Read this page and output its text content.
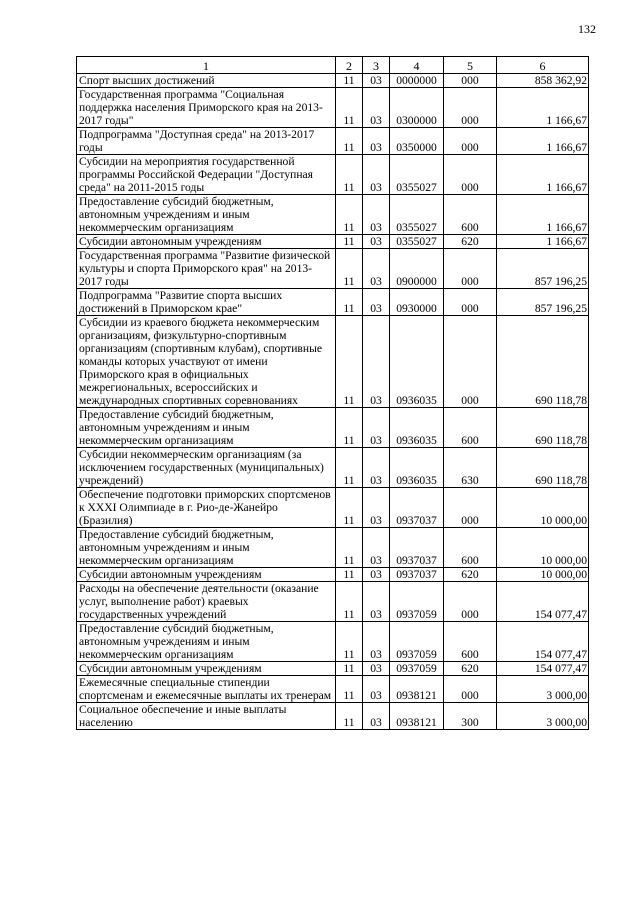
132
1	2	3	4	5	6
Спорт высших достижений	11	03	0000000	000	858 362,92
Государственная программа "Социальная поддержка населения Приморского края на 2013-2017 годы"	11	03	0300000	000	1 166,67
Подпрограмма "Доступная среда" на 2013-2017 годы	11	03	0350000	000	1 166,67
Субсидии на мероприятия государственной программы Российской Федерации "Доступная среда" на 2011-2015 годы	11	03	0355027	000	1 166,67
Предоставление субсидий бюджетным, автономным учреждениям и иным некоммерческим организациям	11	03	0355027	600	1 166,67
Субсидии автономным учреждениям	11	03	0355027	620	1 166,67
Государственная программа "Развитие физической культуры и спорта Приморского края" на 2013-2017 годы	11	03	0900000	000	857 196,25
Подпрограмма "Развитие спорта высших достижений в Приморском крае"	11	03	0930000	000	857 196,25
Субсидии из краевого бюджета некоммерческим организациям, физкультурно-спортивным организациям (спортивным клубам), спортивные команды которых участвуют от имени Приморского края в официальных межрегиональных, всероссийских и международных спортивных соревнованиях	11	03	0936035	000	690 118,78
Предоставление субсидий бюджетным, автономным учреждениям и иным некоммерческим организациям	11	03	0936035	600	690 118,78
Субсидии некоммерческим организациям (за исключением государственных (муниципальных) учреждений)	11	03	0936035	630	690 118,78
Обеспечение подготовки приморских спортсменов к XXXI Олимпиаде в г. Рио-де-Жанейро (Бразилия)	11	03	0937037	000	10 000,00
Предоставление субсидий бюджетным, автономным учреждениям и иным некоммерческим организациям	11	03	0937037	600	10 000,00
Субсидии автономным учреждениям	11	03	0937037	620	10 000,00
Расходы на обеспечение деятельности (оказание услуг, выполнение работ) краевых государственных учреждений	11	03	0937059	000	154 077,47
Предоставление субсидий бюджетным, автономным учреждениям и иным некоммерческим организациям	11	03	0937059	600	154 077,47
Субсидии автономным учреждениям	11	03	0937059	620	154 077,47
Ежемесячные специальные стипендии спортсменам и ежемесячные выплаты их тренерам	11	03	0938121	000	3 000,00
Социальное обеспечение и иные выплаты населению	11	03	0938121	300	3 000,00
